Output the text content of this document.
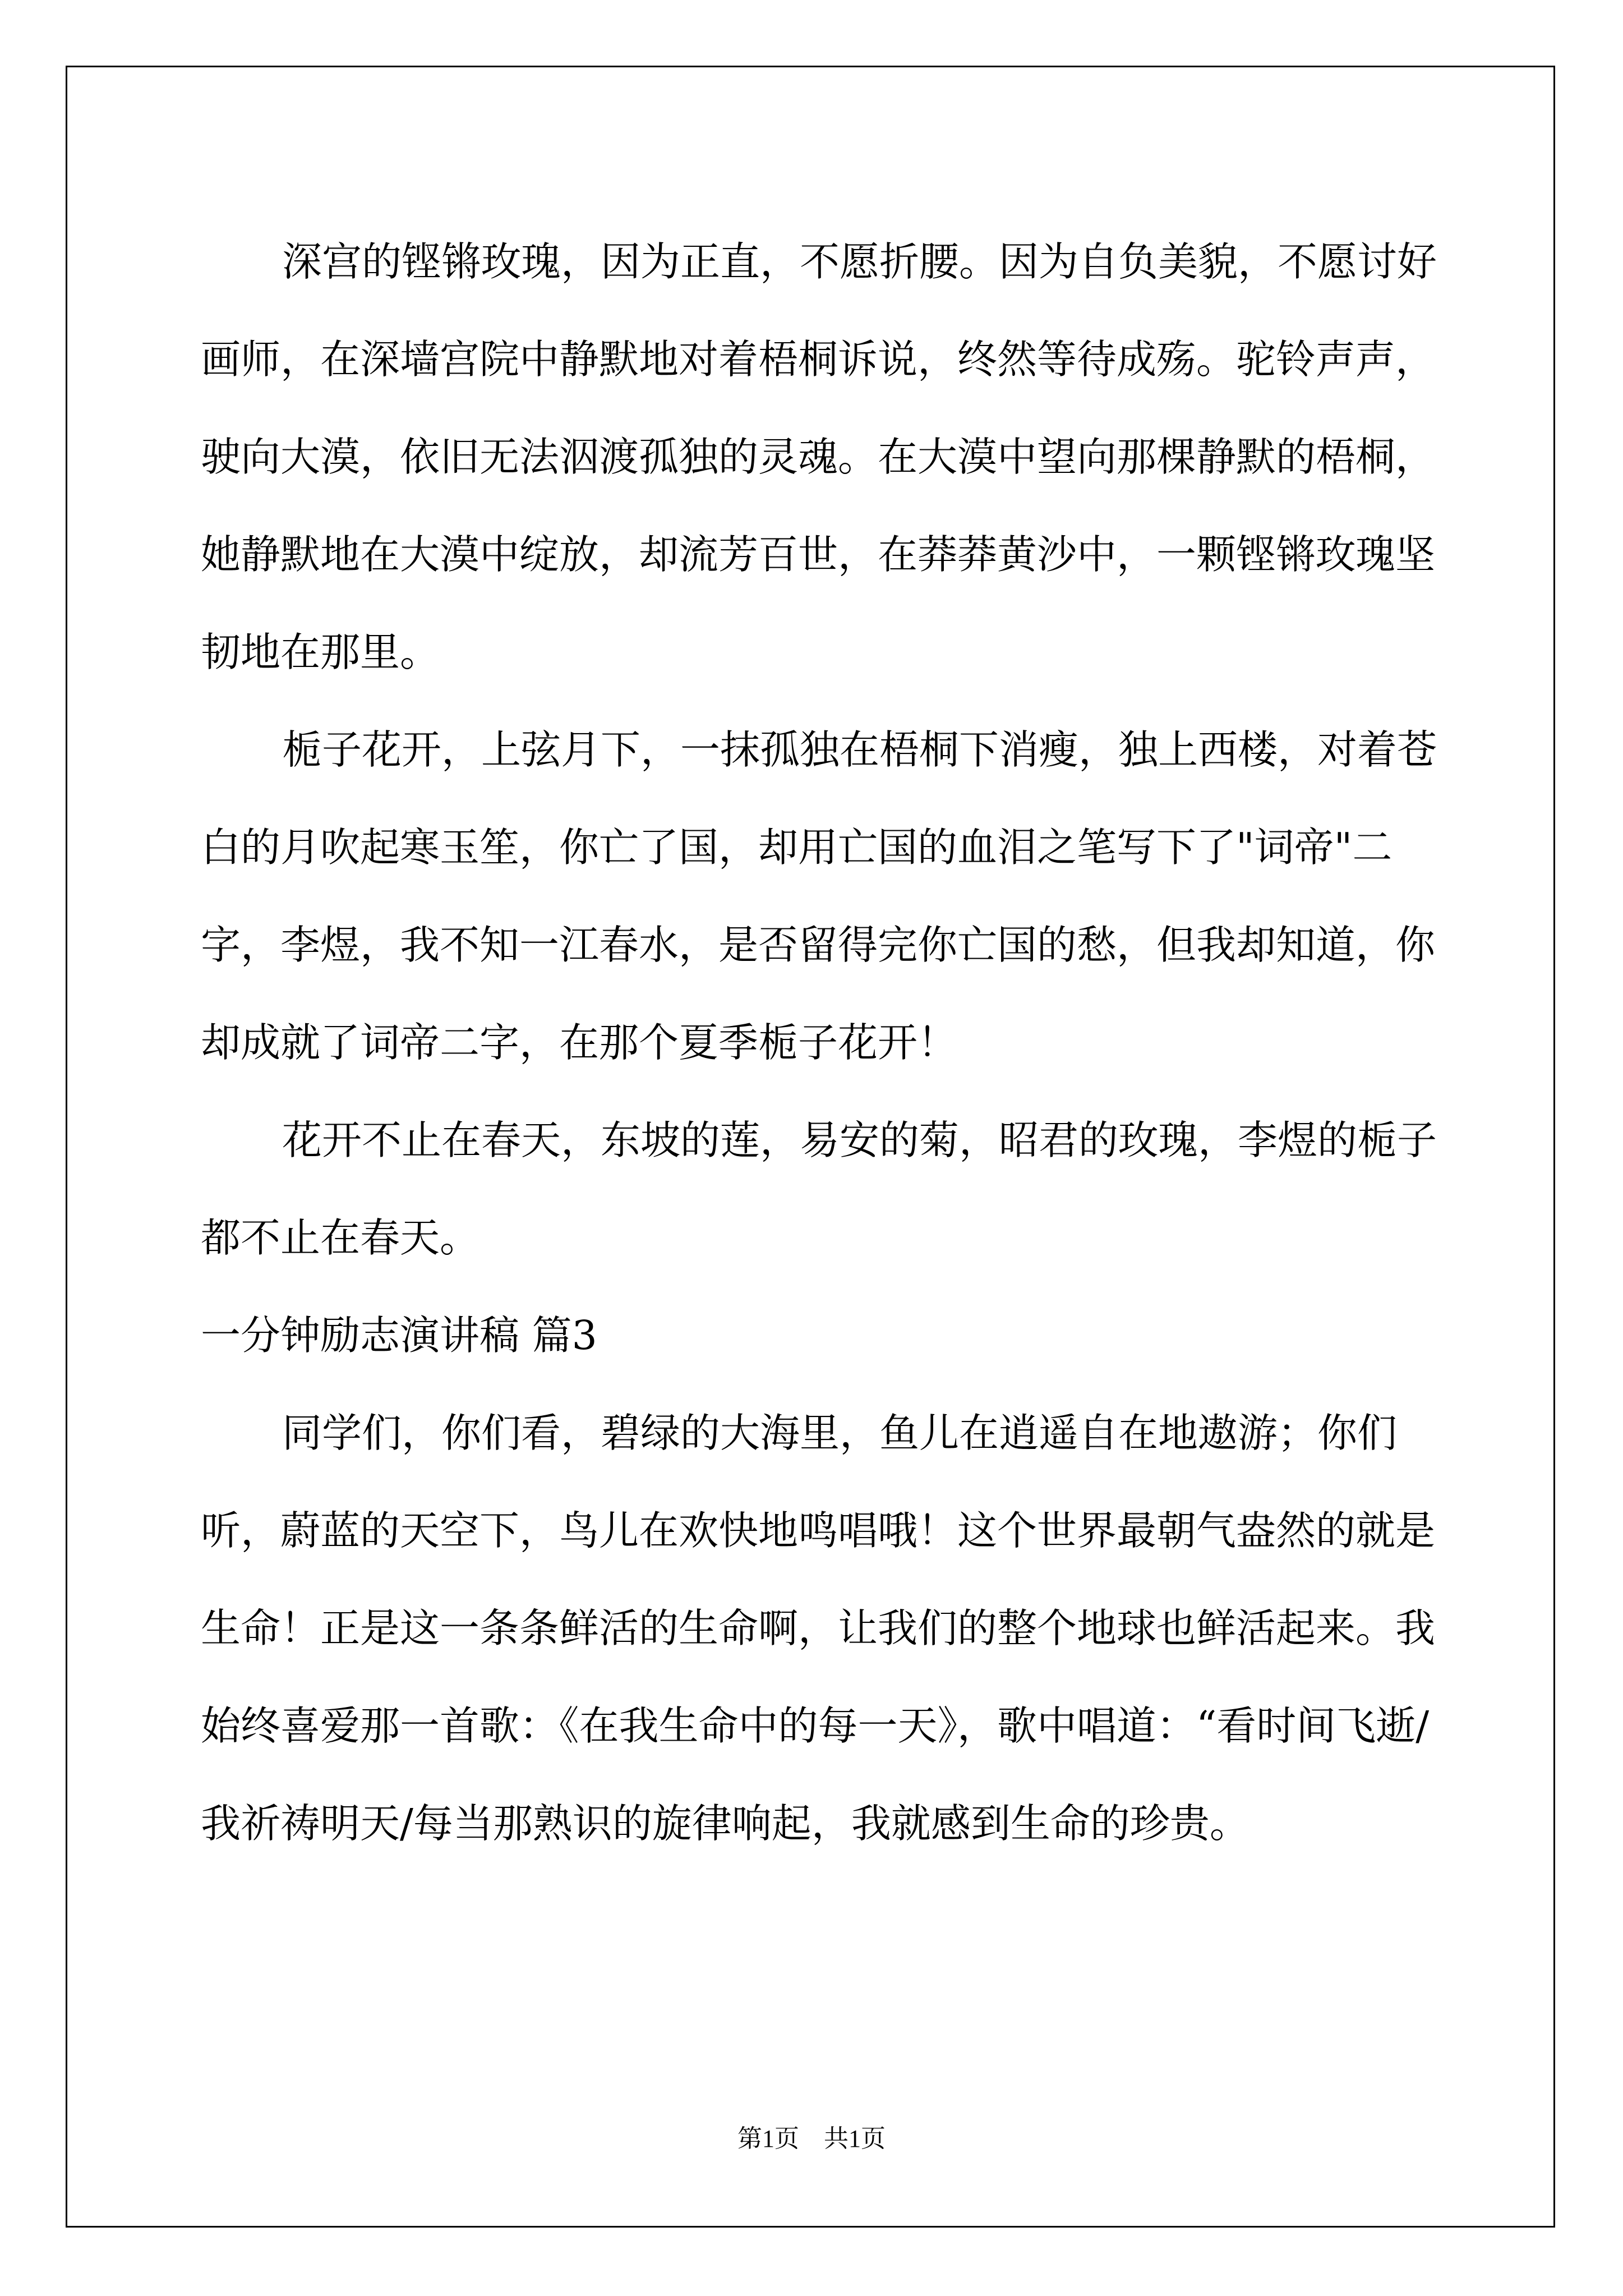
深宫的铿锵玫瑰，因为正直，不愿折腰。因为自负美貌，不愿讨好画师，在深墙宫院中静默地对着梧桐诉说，终然等待成殇。驼铃声声，驶向大漠，依旧无法泅渡孤独的灵魂。在大漠中望向那棵静默的梧桐，她静默地在大漠中绽放，却流芳百世，在莽莽黄沙中，一颗铿锵玫瑰坚韧地在那里。

栀子花开，上弦月下，一抹孤独在梧桐下消瘦，独上西楼，对着苍白的月吹起寒玉笙，你亡了国，却用亡国的血泪之笔写下了"词帝"二字，李煜，我不知一江春水，是否留得完你亡国的愁，但我却知道，你却成就了词帝二字，在那个夏季栀子花开！

花开不止在春天，东坡的莲，易安的菊，昭君的玫瑰，李煜的栀子都不止在春天。

一分钟励志演讲稿 篇3

同学们，你们看，碧绿的大海里，鱼儿在逍遥自在地遨游；你们听，蔚蓝的天空下，鸟儿在欢快地鸣唱哦！这个世界最朝气盎然的就是生命！正是这一条条鲜活的生命啊，让我们的整个地球也鲜活起来。我始终喜爱那一首歌：《在我生命中的每一天》，歌中唱道：“看时间飞逝/我祈祷明天/每当那熟识的旋律响起，我就感到生命的珍贵。

第1页　共1页
